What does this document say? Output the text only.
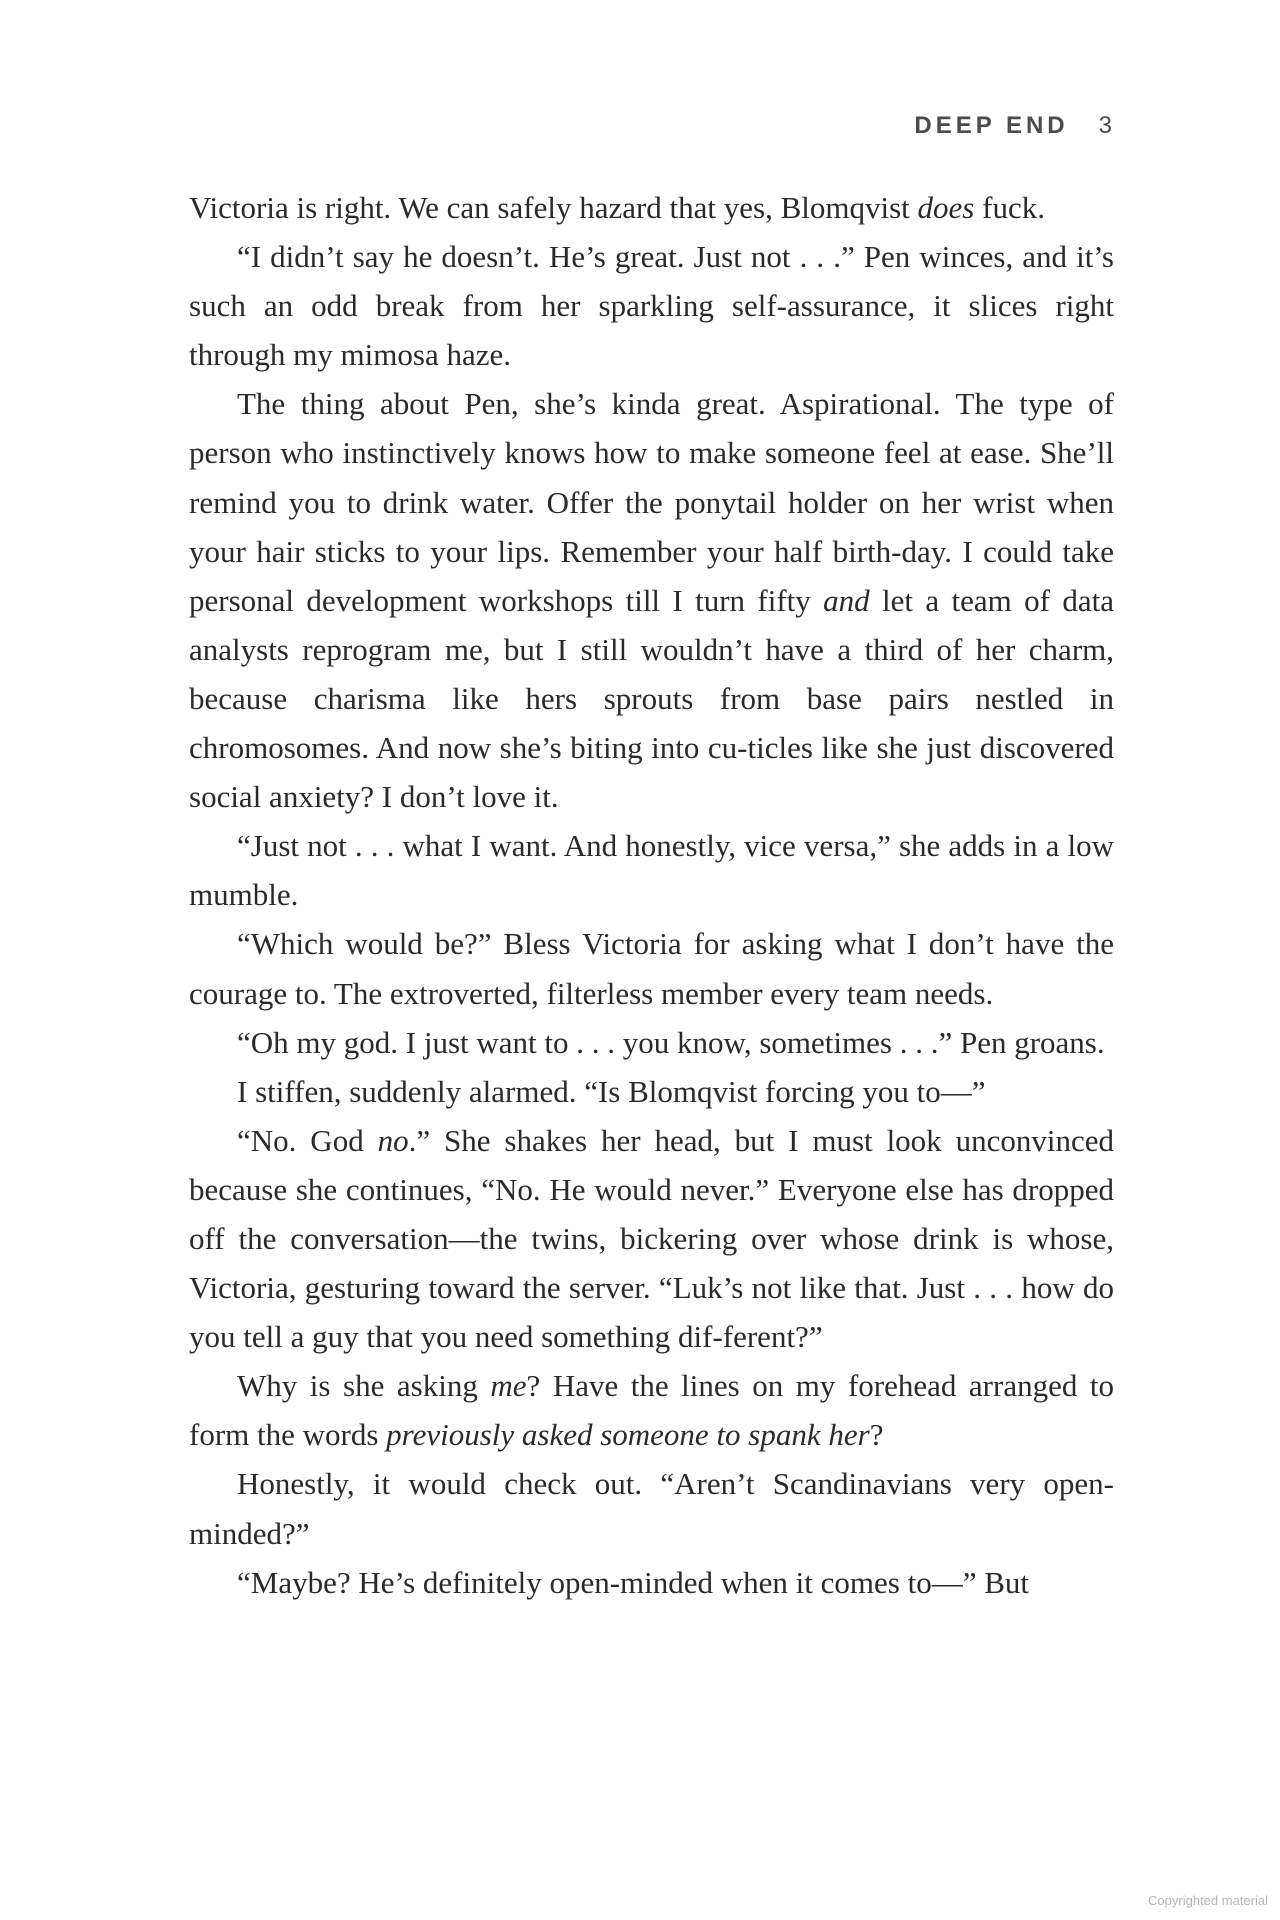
DEEP END 3

Victoria is right. We can safely hazard that yes, Blomqvist does fuck.

“I didn’t say he doesn’t. He’s great. Just not . . .” Pen winces, and it’s such an odd break from her sparkling self-assurance, it slices right through my mimosa haze.

The thing about Pen, she’s kinda great. Aspirational. The type of person who instinctively knows how to make someone feel at ease. She’ll remind you to drink water. Offer the ponytail holder on her wrist when your hair sticks to your lips. Remember your half birth-day. I could take personal development workshops till I turn fifty and let a team of data analysts reprogram me, but I still wouldn’t have a third of her charm, because charisma like hers sprouts from base pairs nestled in chromosomes. And now she’s biting into cu-ticles like she just discovered social anxiety? I don’t love it.

“Just not . . . what I want. And honestly, vice versa,” she adds in a low mumble.

“Which would be?” Bless Victoria for asking what I don’t have the courage to. The extroverted, filterless member every team needs.

“Oh my god. I just want to . . . you know, sometimes . . .” Pen groans.

I stiffen, suddenly alarmed. “Is Blomqvist forcing you to—”

“No. God no.” She shakes her head, but I must look unconvinced because she continues, “No. He would never.” Everyone else has dropped off the conversation—the twins, bickering over whose drink is whose, Victoria, gesturing toward the server. “Luk’s not like that. Just . . . how do you tell a guy that you need something dif-ferent?”

Why is she asking me? Have the lines on my forehead arranged to form the words previously asked someone to spank her?

Honestly, it would check out. “Aren’t Scandinavians very open-minded?”

“Maybe? He’s definitely open-minded when it comes to—” But

Copyrighted material
